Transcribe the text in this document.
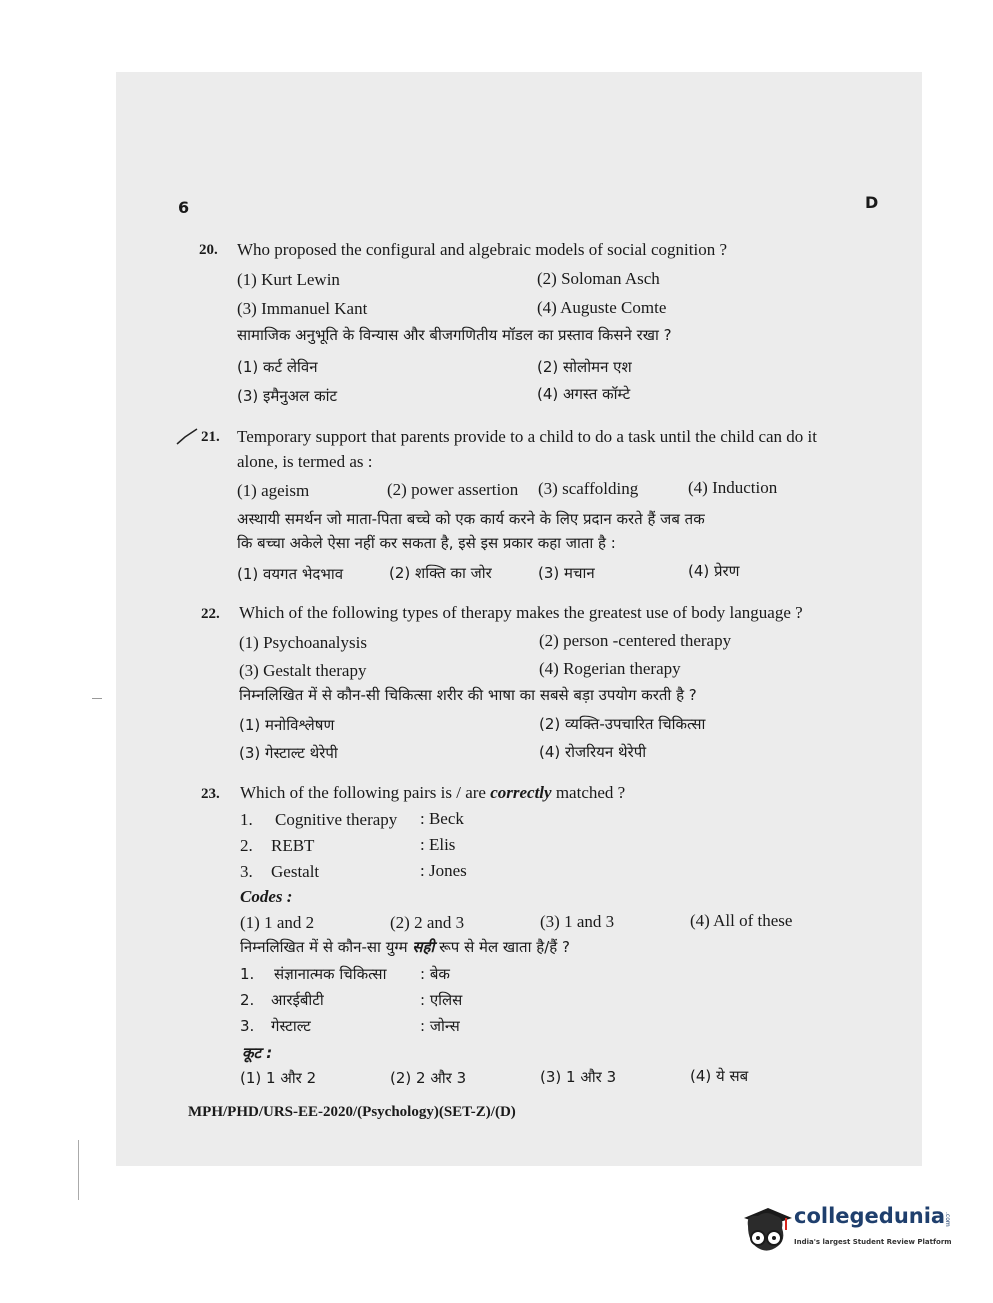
6	D
20. Who proposed the configural and algebraic models of social cognition ?
(1) Kurt Lewin	(2) Soloman Asch
(3) Immanuel Kant	(4) Auguste Comte
सामाजिक अनुभूति के विन्यास और बीजगणितीय मॉडल का प्रस्ताव किसने रखा ?
(1) कर्ट लेविन	(2) सोलोमन एश
(3) इमैनुअल कांट	(4) अगस्त कॉम्टे
21. Temporary support that parents provide to a child to do a task until the child can do it
alone, is termed as :
(1) ageism	(2) power assertion (3) scaffolding	(4) Induction
अस्थायी समर्थन जो माता-पिता बच्चे को एक कार्य करने के लिए प्रदान करते हैं जब तक
कि बच्चा अकेले ऐसा नहीं कर सकता है, इसे इस प्रकार कहा जाता है :
(1) वयगत भेदभाव	(2) शक्ति का जोर	(3) मचान	(4) प्रेरण
22. Which of the following types of therapy makes the greatest use of body language ?
(1) Psychoanalysis	(2) person -centered therapy
(3) Gestalt therapy	(4) Rogerian therapy
निम्नलिखित में से कौन-सी चिकित्सा शरीर की भाषा का सबसे बड़ा उपयोग करती है ?
(1) मनोविश्लेषण	(2) व्यक्ति-उपचारित चिकित्सा
(3) गेस्टाल्ट थेरेपी	(4) रोजरियन थेरेपी
23. Which of the following pairs is / are correctly matched ?
1. Cognitive therapy : Beck
2. REBT	: Elis
3. Gestalt	: Jones
Codes :
(1) 1 and 2	(2) 2 and 3	(3) 1 and 3	(4) All of these
निम्नलिखित में से कौन-सा युग्म सही रूप से मेल खाता है/हैं ?
1. संज्ञानात्मक चिकित्सा : बेक
2. आरईबीटी	: एलिस
3. गेस्टाल्ट	: जोन्स
कूट :
(1) 1 और 2	(2) 2 और 3	(3) 1 और 3	(4) ये सब
MPH/PHD/URS-EE-2020/(Psychology)(SET-Z)/(D)
collegedunia
.com
India's largest Student Review Platform
